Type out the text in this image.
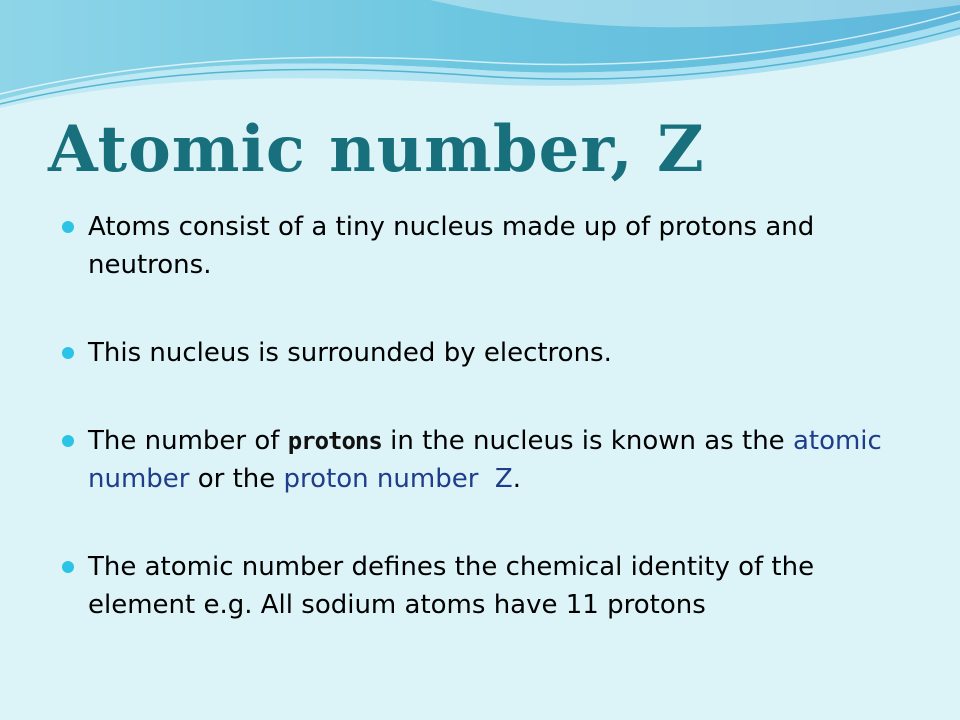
Atomic number, Z
Atoms consist of a tiny nucleus made up of protons and neutrons.
This nucleus is surrounded by electrons.
The number of protons in the nucleus is known as the atomic number or the proton number  Z.
The atomic number defines the chemical identity of the element e.g. All sodium atoms have 11 protons
